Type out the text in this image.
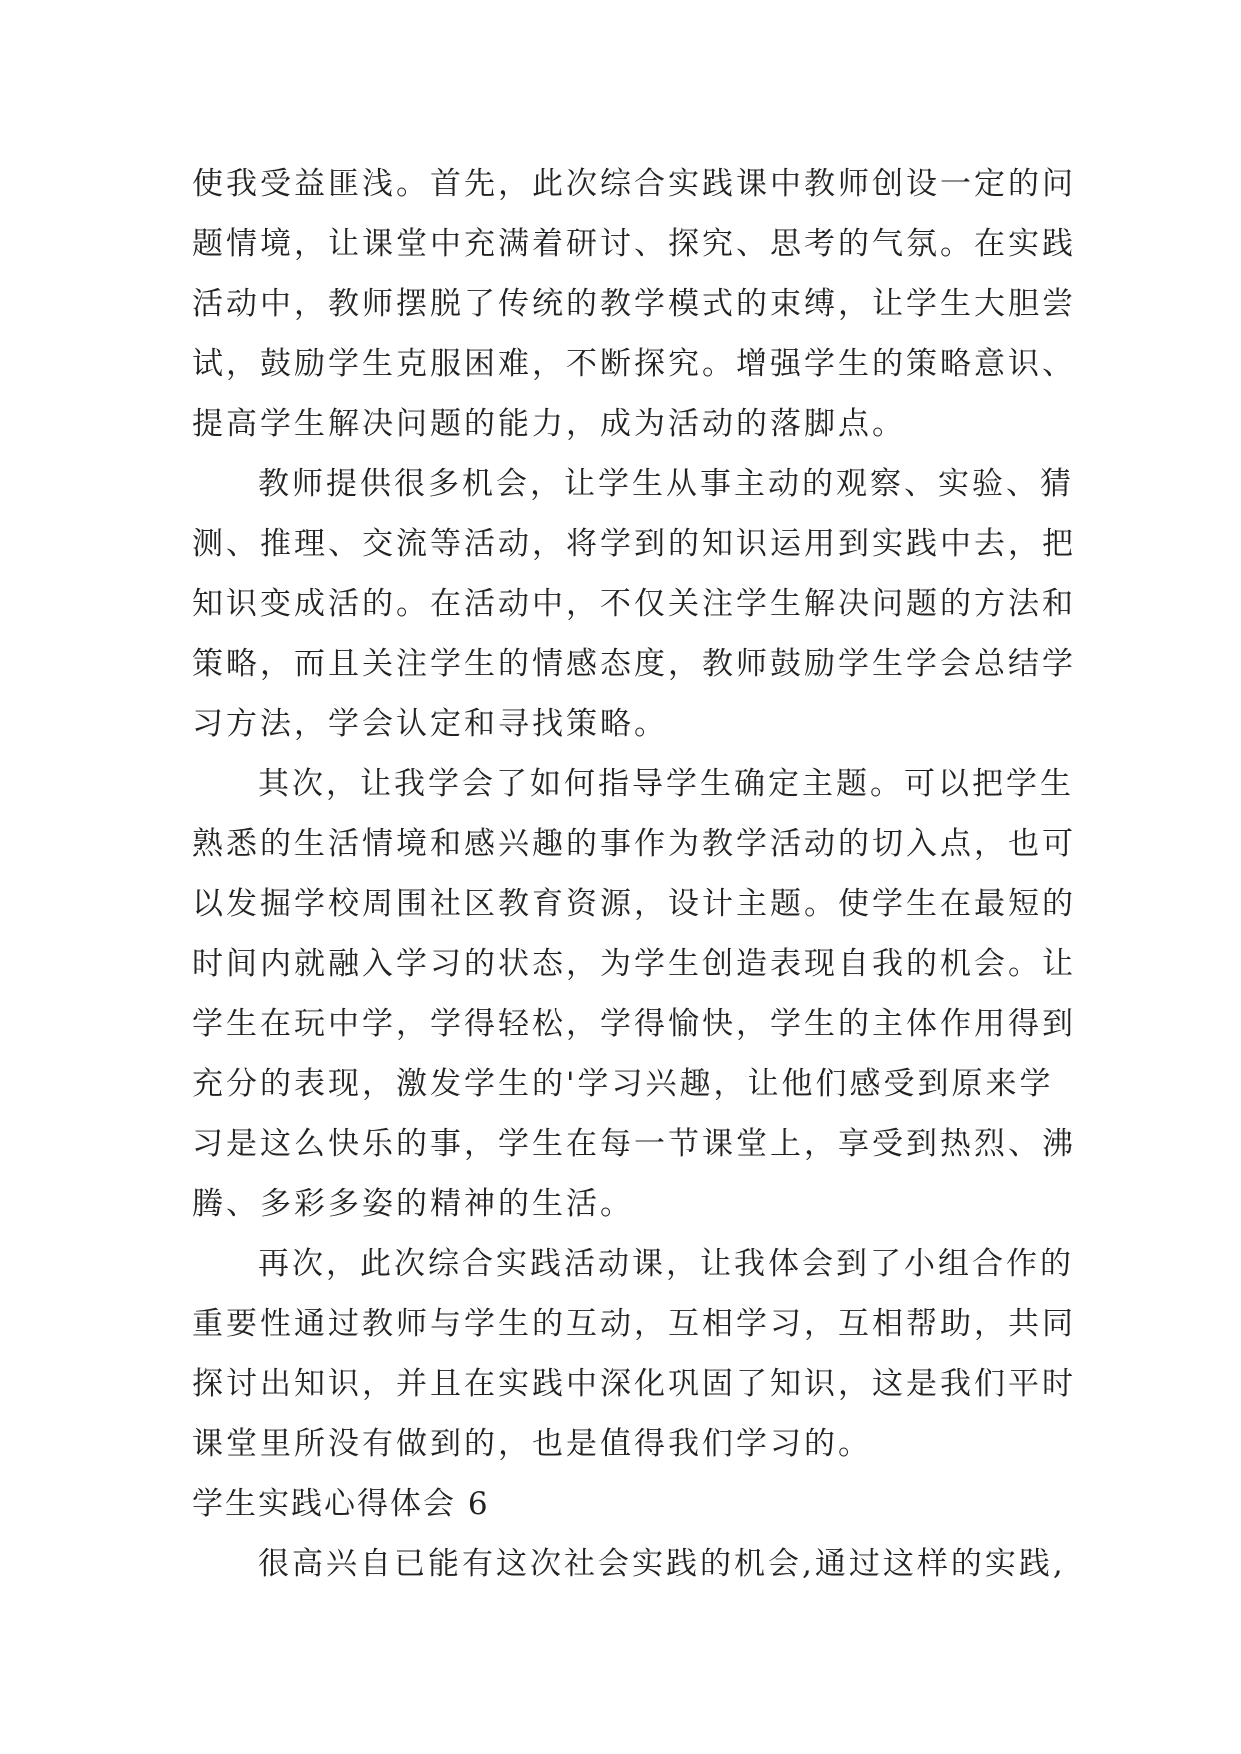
使我受益匪浅。首先，此次综合实践课中教师创设一定的问

题情境，让课堂中充满着研讨、探究、思考的气氛。在实践

活动中，教师摆脱了传统的教学模式的束缚，让学生大胆尝

试，鼓励学生克服困难，不断探究。增强学生的策略意识、

提高学生解决问题的能力，成为活动的落脚点。

教师提供很多机会，让学生从事主动的观察、实验、猜

测、推理、交流等活动，将学到的知识运用到实践中去，把

知识变成活的。在活动中，不仅关注学生解决问题的方法和

策略，而且关注学生的情感态度，教师鼓励学生学会总结学

习方法，学会认定和寻找策略。

其次，让我学会了如何指导学生确定主题。可以把学生

熟悉的生活情境和感兴趣的事作为教学活动的切入点，也可

以发掘学校周围社区教育资源，设计主题。使学生在最短的

时间内就融入学习的状态，为学生创造表现自我的机会。让

学生在玩中学，学得轻松，学得愉快，学生的主体作用得到

充分的表现，激发学生的'学习兴趣，让他们感受到原来学

习是这么快乐的事，学生在每一节课堂上，享受到热烈、沸

腾、多彩多姿的精神的生活。

再次，此次综合实践活动课，让我体会到了小组合作的

重要性通过教师与学生的互动，互相学习，互相帮助，共同

探讨出知识，并且在实践中深化巩固了知识，这是我们平时

课堂里所没有做到的，也是值得我们学习的。

学生实践心得体会 6

很高兴自已能有这次社会实践的机会,通过这样的实践,
